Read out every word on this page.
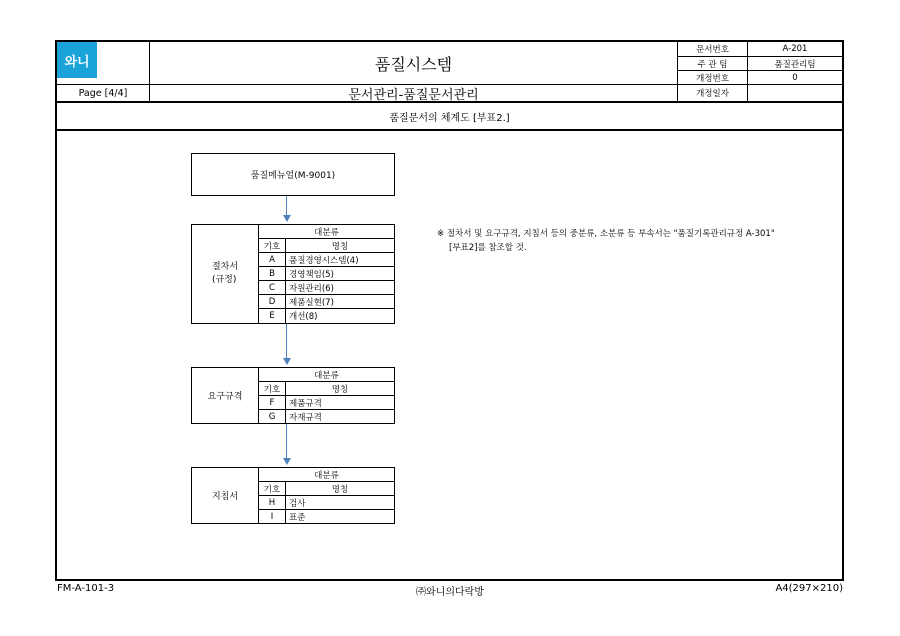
와니	품질시스템
Page [4/4]	문서관리-품질문서관리
문서번호	A-201
주 관 팀	품질관리팀
개정번호	0
개정일자
품질문서의 체계도 [부표2.]
품질메뉴얼(M-9001)
절차서
(규정)
대분류
기호	명칭
A	품질경영시스템(4)
B	경영책임(5)
C	자원관리(6)
D	제품실현(7)
E	개선(8)
요구규격
대분류
기호	명칭
F	제품규격
G	자재규격
지침서
대분류
기호	명칭
H	검사
I	표준
※ 절차서 및 요구규격, 지침서 등의 중분류, 소분류 등 부속서는 "품질기록관리규정 A-301"
[부표2]를 참조할 것.
FM-A-101-3	㈜와니의다락방	A4(297×210)
